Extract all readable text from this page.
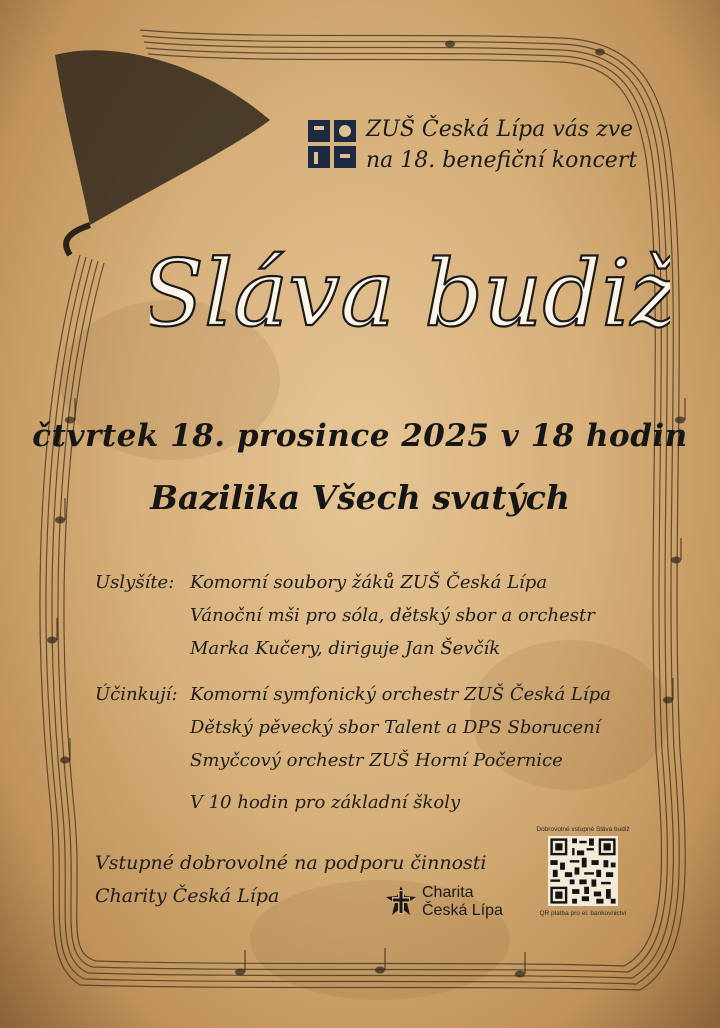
ZUŠ Česká Lípa vás zve
na 18. benefiční koncert
Sláva budiž
čtvrtek 18. prosince 2025 v 18 hodin
Bazilika Všech svatých
Uslyšíte: Komorní soubory žáků ZUŠ Česká Lípa
Vánoční mši pro sóla, dětský sbor a orchestr
Marka Kučery, diriguje Jan Ševčík
Účinkují: Komorní symfonický orchestr ZUŠ Česká Lípa
Dětský pěvecký sbor Talent a DPS Sborucení
Smyčcový orchestr ZUŠ Horní Počernice
V 10 hodin pro základní školy
Vstupné dobrovolné na podporu činnosti
Charity Česká Lípa	Charita
Česká Lípa
Dobrovolné vstupné Sláva budiž
QR platba pro el. bankovnictví
